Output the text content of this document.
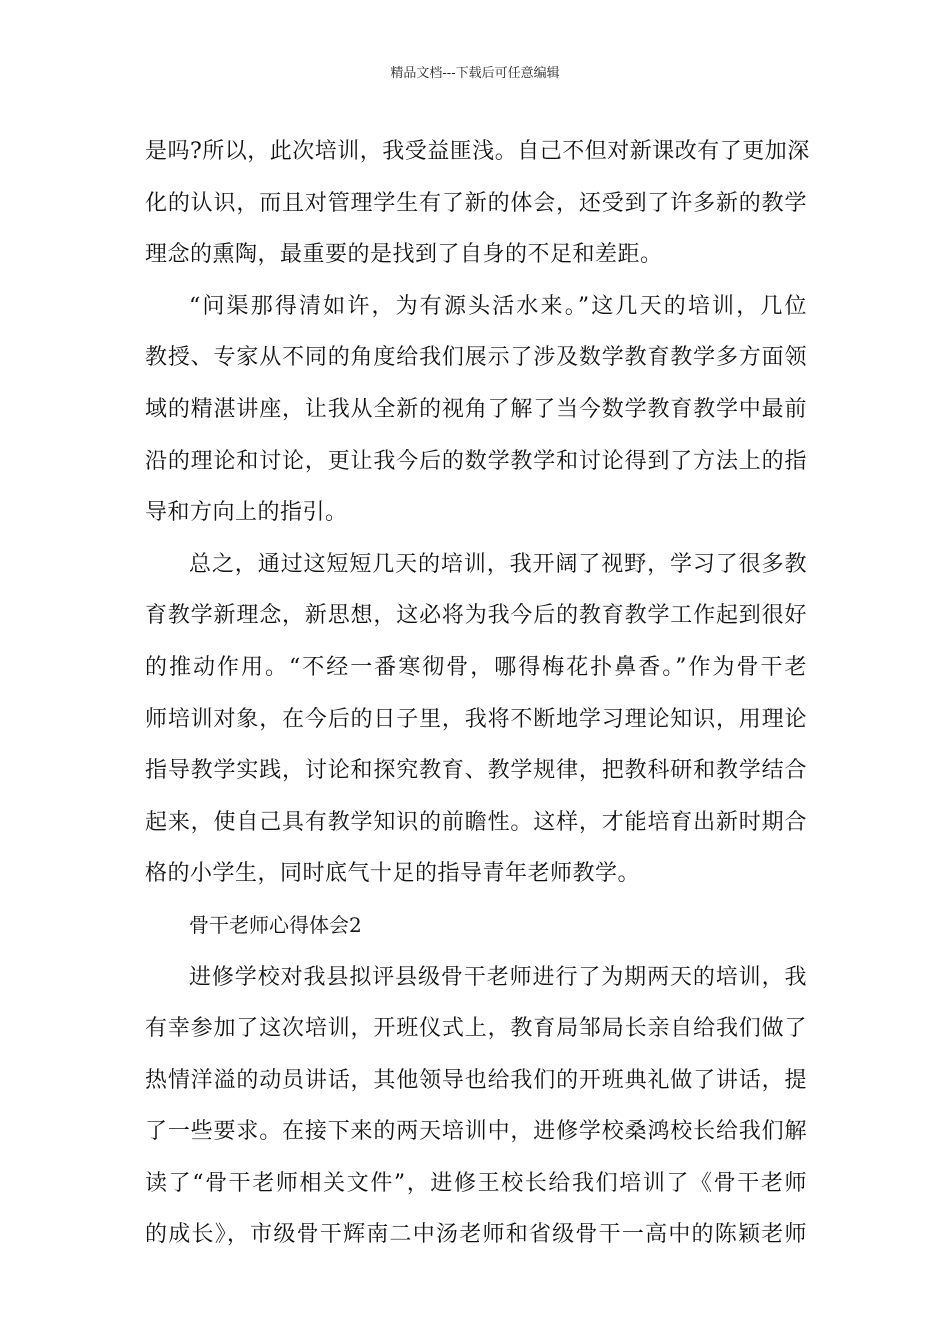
精品文档---下载后可任意编辑
是吗?所以，此次培训，我受益匪浅。自己不但对新课改有了更加深
化的认识，而且对管理学生有了新的体会，还受到了许多新的教学
理念的熏陶，最重要的是找到了自身的不足和差距。
“问渠那得清如许，为有源头活水来。”这几天的培训，几位
教授、专家从不同的角度给我们展示了涉及数学教育教学多方面领
域的精湛讲座，让我从全新的视角了解了当今数学教育教学中最前
沿的理论和讨论，更让我今后的数学教学和讨论得到了方法上的指
导和方向上的指引。
总之，通过这短短几天的培训，我开阔了视野，学习了很多教
育教学新理念，新思想，这必将为我今后的教育教学工作起到很好
的推动作用。“不经一番寒彻骨，哪得梅花扑鼻香。”作为骨干老
师培训对象，在今后的日子里，我将不断地学习理论知识，用理论
指导教学实践，讨论和探究教育、教学规律，把教科研和教学结合
起来，使自己具有教学知识的前瞻性。这样，才能培育出新时期合
格的小学生，同时底气十足的指导青年老师教学。
骨干老师心得体会2
进修学校对我县拟评县级骨干老师进行了为期两天的培训，我
有幸参加了这次培训，开班仪式上，教育局邹局长亲自给我们做了
热情洋溢的动员讲话，其他领导也给我们的开班典礼做了讲话，提
了一些要求。在接下来的两天培训中，进修学校桑鸿校长给我们解
读了“骨干老师相关文件”，进修王校长给我们培训了《骨干老师
的成长》，市级骨干辉南二中汤老师和省级骨干一高中的陈颖老师
